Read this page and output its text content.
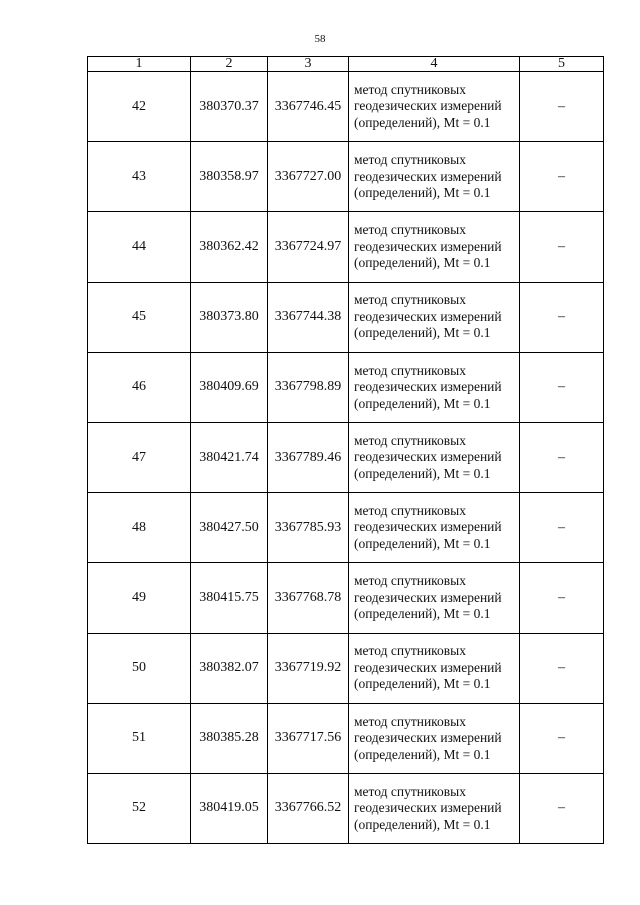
58
1	2	3	4	5
42	380370.37	3367746.45	метод спутниковых геодезических измерений (определений), Mt = 0.1	–
43	380358.97	3367727.00	метод спутниковых геодезических измерений (определений), Mt = 0.1	–
44	380362.42	3367724.97	метод спутниковых геодезических измерений (определений), Mt = 0.1	–
45	380373.80	3367744.38	метод спутниковых геодезических измерений (определений), Mt = 0.1	–
46	380409.69	3367798.89	метод спутниковых геодезических измерений (определений), Mt = 0.1	–
47	380421.74	3367789.46	метод спутниковых геодезических измерений (определений), Mt = 0.1	–
48	380427.50	3367785.93	метод спутниковых геодезических измерений (определений), Mt = 0.1	–
49	380415.75	3367768.78	метод спутниковых геодезических измерений (определений), Mt = 0.1	–
50	380382.07	3367719.92	метод спутниковых геодезических измерений (определений), Mt = 0.1	–
51	380385.28	3367717.56	метод спутниковых геодезических измерений (определений), Mt = 0.1	–
52	380419.05	3367766.52	метод спутниковых геодезических измерений (определений), Mt = 0.1	–
